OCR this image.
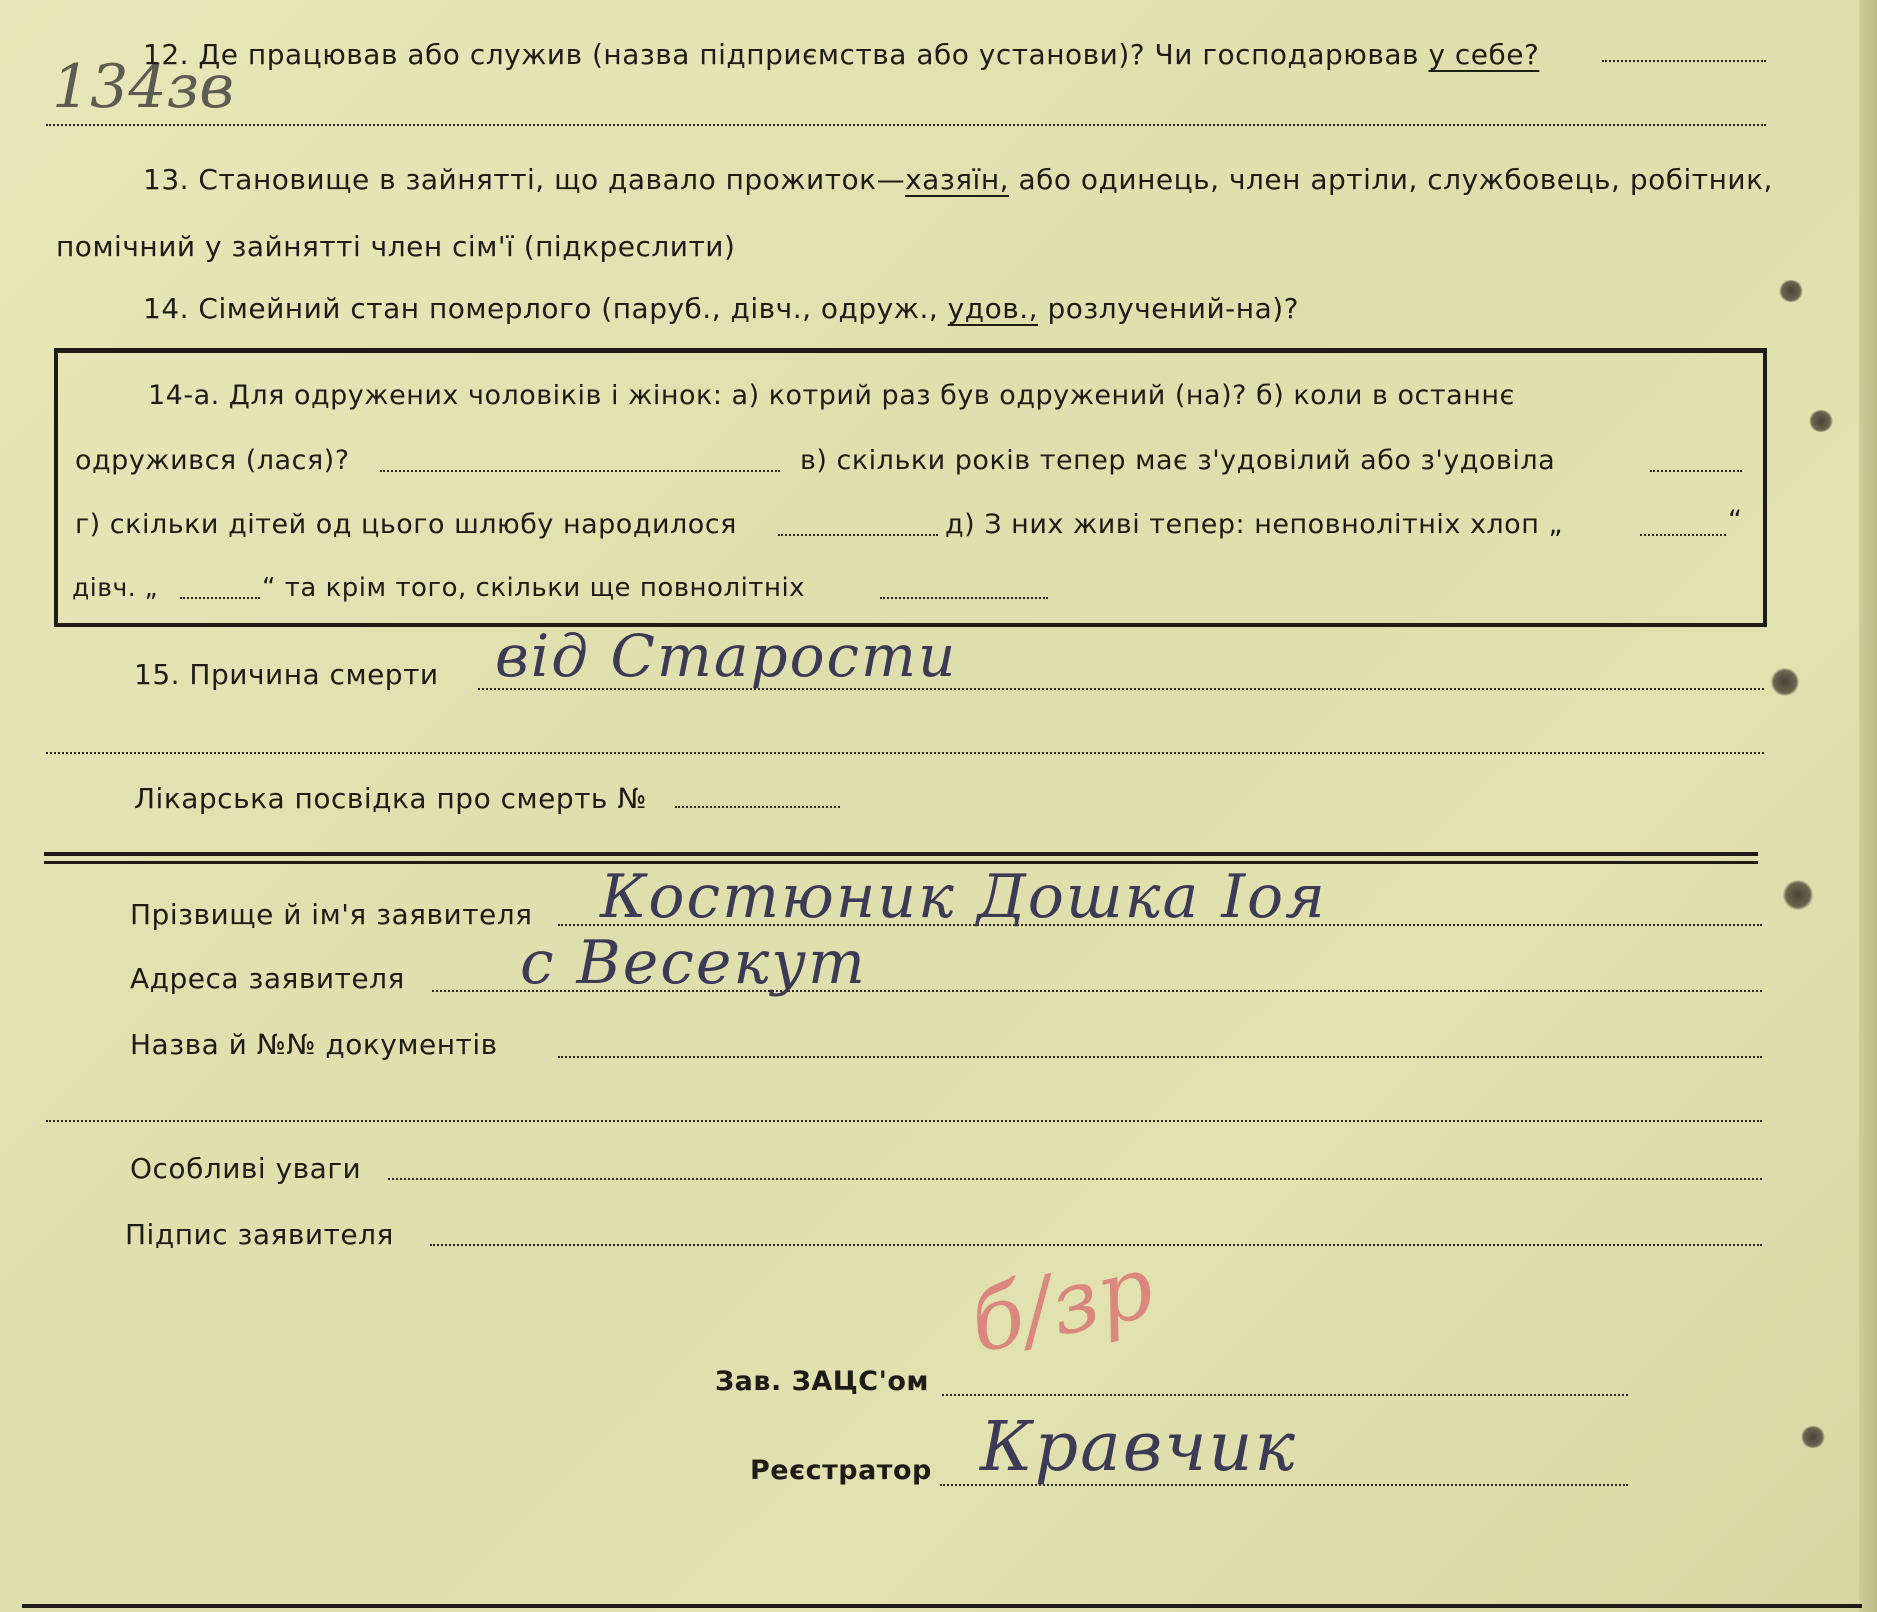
134зв
12. Де працював або служив (назва підприємства або установи)? Чи господарював у себе?
13. Становище в зайнятті, що давало прожиток—хазяїн, або одинець, член артіли, службовець, робітник,
помічний у зайнятті член сім'ї (підкреслити)
14. Сімейний стан померлого (паруб., дівч., одруж., удов., розлучений-на)?
14-а. Для одружених чоловіків і жінок: а) котрий раз був одружений (на)? б) коли в останнє
одружився (лася)?	в) скільки років тепер має з'удовілий або з'удовіла
г) скільки дітей од цього шлюбу народилося	д) З них живі тепер: неповнолітніх хлоп „	“
дівч. „	“ та крім того, скільки ще повнолітніх
15. Причина смерти від Старости
Лікарська посвідка про смерть №
Прізвище й ім'я заявителя Костюник Дошка Іоя
Адреса заявителя с Весекут
Назва й №№ документів
Особливі уваги
Підпис заявителя
б/зр
Зав. ЗАЦС'ом
Реєстратор Кравчик
